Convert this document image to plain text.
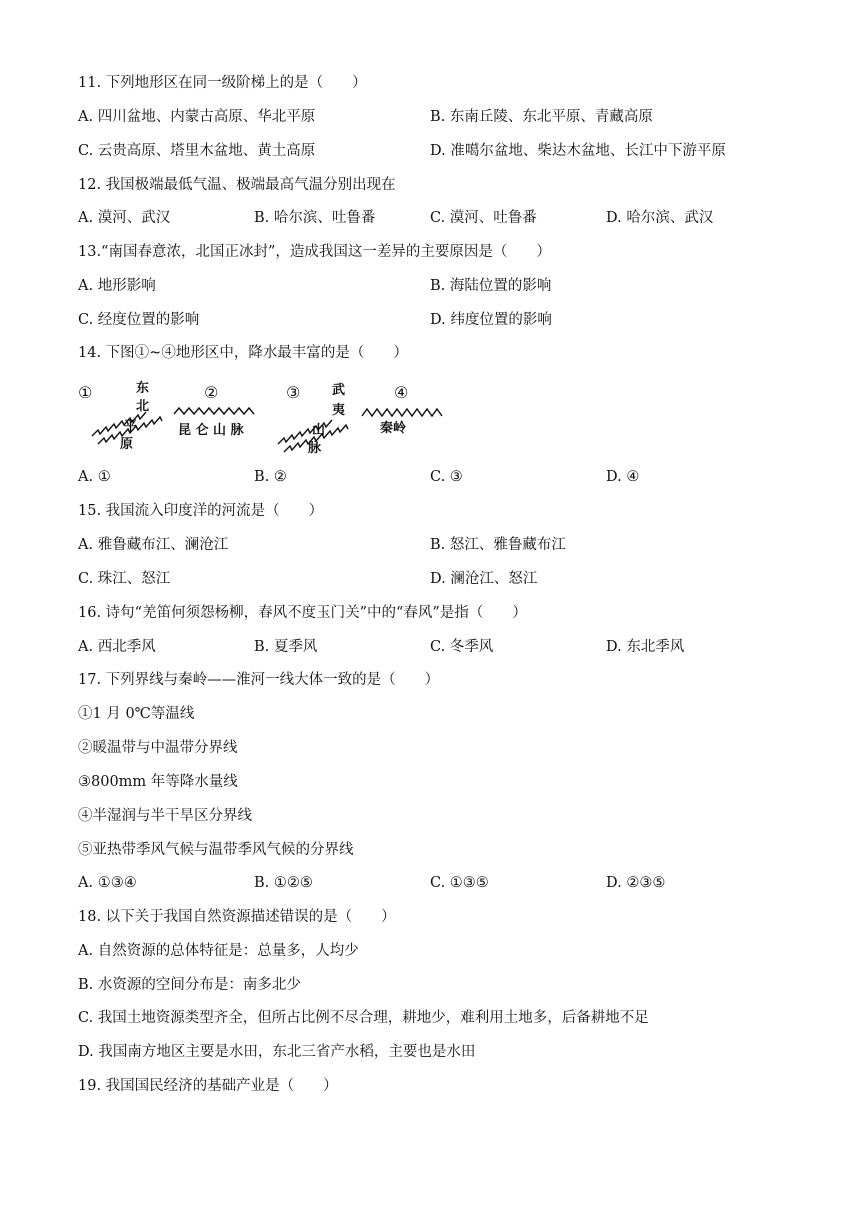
11. 下列地形区在同一级阶梯上的是（　　）
A. 四川盆地、内蒙古高原、华北平原	B. 东南丘陵、东北平原、青藏高原
C. 云贵高原、塔里木盆地、黄土高原	D. 准噶尔盆地、柴达木盆地、长江中下游平原
12. 我国极端最低气温、极端最高气温分别出现在
A. 漠河、武汉	B. 哈尔滨、吐鲁番	C. 漠河、吐鲁番	D. 哈尔滨、武汉
13.“南国春意浓，北国正冰封”，造成我国这一差异的主要原因是（　　）
A. 地形影响	B. 海陆位置的影响
C. 经度位置的影响	D. 纬度位置的影响
14. 下图①~④地形区中，降水最丰富的是（　　）
①	②	③	④
东
北
平
原
昆 仑 山 脉
武
夷
山
脉
秦岭
A. ①	B. ②	C. ③	D. ④
15. 我国流入印度洋的河流是（　　）
A. 雅鲁藏布江、澜沧江	B. 怒江、雅鲁藏布江
C. 珠江、怒江	D. 澜沧江、怒江
16. 诗句“羌笛何须怨杨柳，春风不度玉门关”中的“春风”是指（　　）
A. 西北季风	B. 夏季风	C. 冬季风	D. 东北季风
17. 下列界线与秦岭——淮河一线大体一致的是（　　）
①1 月 0℃等温线
②暖温带与中温带分界线
③800mm 年等降水量线
④半湿润与半干旱区分界线
⑤亚热带季风气候与温带季风气候的分界线
A. ①③④	B. ①②⑤	C. ①③⑤	D. ②③⑤
18. 以下关于我国自然资源描述错误的是（　　）
A. 自然资源的总体特征是：总量多，人均少
B. 水资源的空间分布是：南多北少
C. 我国土地资源类型齐全，但所占比例不尽合理，耕地少，难利用土地多，后备耕地不足
D. 我国南方地区主要是水田，东北三省产水稻，主要也是水田
19. 我国国民经济的基础产业是（　　）
